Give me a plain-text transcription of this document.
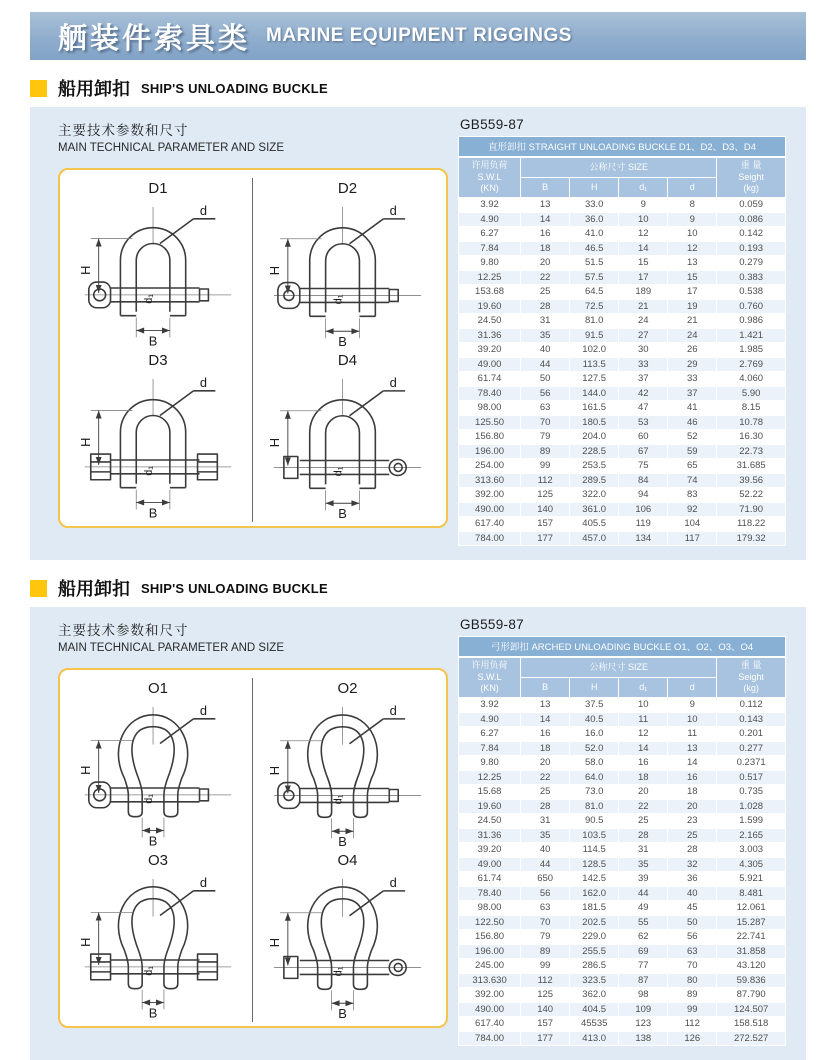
舾装件索具类 MARINE EQUIPMENT RIGGINGS
船用卸扣 SHIP'S UNLOADING BUCKLE
主要技术参数和尺寸
MAIN TECHNICAL PARAMETER AND SIZE
D1
d
H
B
d₁
D2
d
H
B
d₁
D3
d
H
B
d₁
D4
d
H
B
d₁
GB559-87
直形卸扣 STRAIGHT UNLOADING BUCKLE D1、D2、D3、D4
许用负荷
S.W.L
(KN)	公称尺寸 SIZE				重 量
Seight
(kg)

	B	H	d₁	d	
3.92	13	33.0	9	8	0.059
4.90	14	36.0	10	9	0.086
6.27	16	41.0	12	10	0.142
7.84	18	46.5	14	12	0.193
9.80	20	51.5	15	13	0.279
12.25	22	57.5	17	15	0.383
153.68	25	64.5	189	17	0.538
19.60	28	72.5	21	19	0.760
24.50	31	81.0	24	21	0.986
31.36	35	91.5	27	24	1.421
39.20	40	102.0	30	26	1.985
49.00	44	113.5	33	29	2.769
61.74	50	127.5	37	33	4.060
78.40	56	144.0	42	37	5.90
98.00	63	161.5	47	41	8.15
125.50	70	180.5	53	46	10.78
156.80	79	204.0	60	52	16.30
196.00	89	228.5	67	59	22.73
254.00	99	253.5	75	65	31.685
313.60	112	289.5	84	74	39.56
392.00	125	322.0	94	83	52.22
490.00	140	361.0	106	92	71.90
617.40	157	405.5	119	104	118.22
784.00	177	457.0	134	117	179.32
船用卸扣 SHIP'S UNLOADING BUCKLE
主要技术参数和尺寸
MAIN TECHNICAL PARAMETER AND SIZE
O1
d
H
B
d₁
O2
d
H
B
d₁
O3
d
H
B
d₁
O4
d
H
B
d₁
GB559-87
弓形卸扣 ARCHED UNLOADING BUCKLE O1、O2、O3、O4
许用负荷
S.W.L
(KN)	公称尺寸 SIZE				重 量
Seight
(kg)

	B	H	d₁	d	
3.92	13	37.5	10	9	0.112
4.90	14	40.5	11	10	0.143
6.27	16	16.0	12	11	0.201
7.84	18	52.0	14	13	0.277
9.80	20	58.0	16	14	0.2371
12.25	22	64.0	18	16	0.517
15.68	25	73.0	20	18	0.735
19.60	28	81.0	22	20	1.028
24.50	31	90.5	25	23	1.599
31.36	35	103.5	28	25	2.165
39.20	40	114.5	31	28	3.003
49.00	44	128.5	35	32	4.305
61.74	650	142.5	39	36	5.921
78.40	56	162.0	44	40	8.481
98.00	63	181.5	49	45	12.061
122.50	70	202.5	55	50	15.287
156.80	79	229.0	62	56	22.741
196.00	89	255.5	69	63	31.858
245.00	99	286.5	77	70	43.120
313.630	112	323.5	87	80	59.836
392.00	125	362.0	98	89	87.790
490.00	140	404.5	109	99	124.507
617.40	157	45535	123	112	158.518
784.00	177	413.0	138	126	272.527
